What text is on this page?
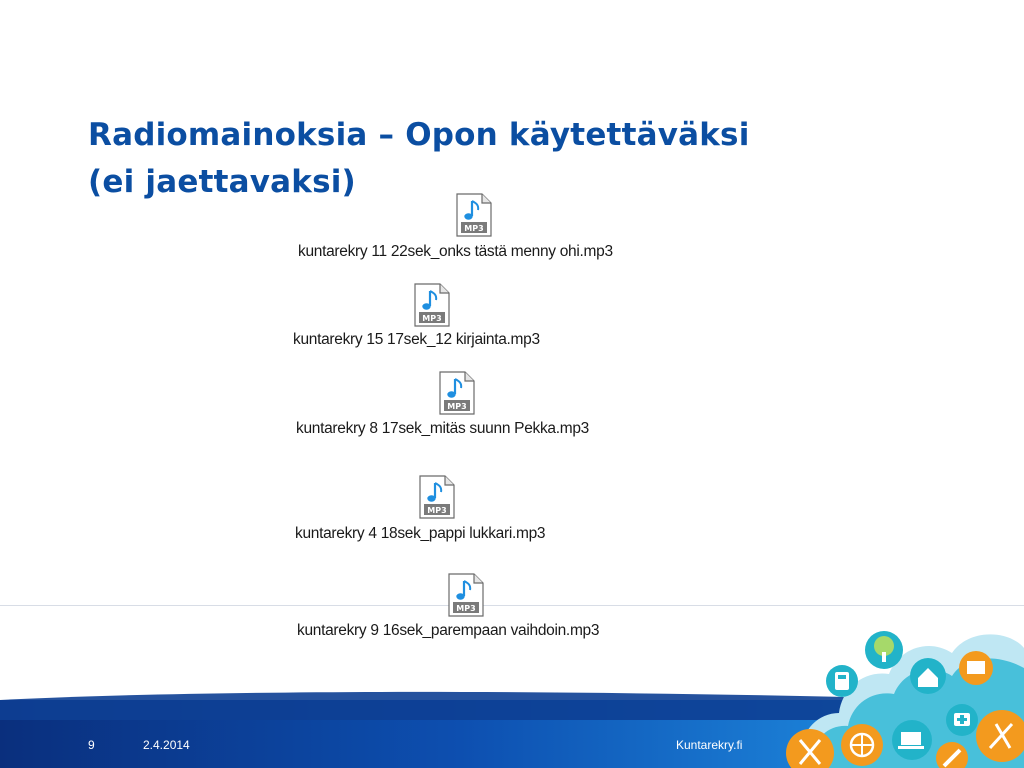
Radiomainoksia – Opon käytettäväksi
(ei jaettavaksi)
MP3
kuntarekry 11 22sek_onks tästä menny ohi.mp3
MP3
kuntarekry 15 17sek_12 kirjainta.mp3
MP3
kuntarekry 8 17sek_mitäs suunn Pekka.mp3
MP3
kuntarekry 4 18sek_pappi lukkari.mp3
MP3
kuntarekry 9 16sek_parempaan vaihdoin.mp3
9	2.4.2014	Kuntarekry.fi
